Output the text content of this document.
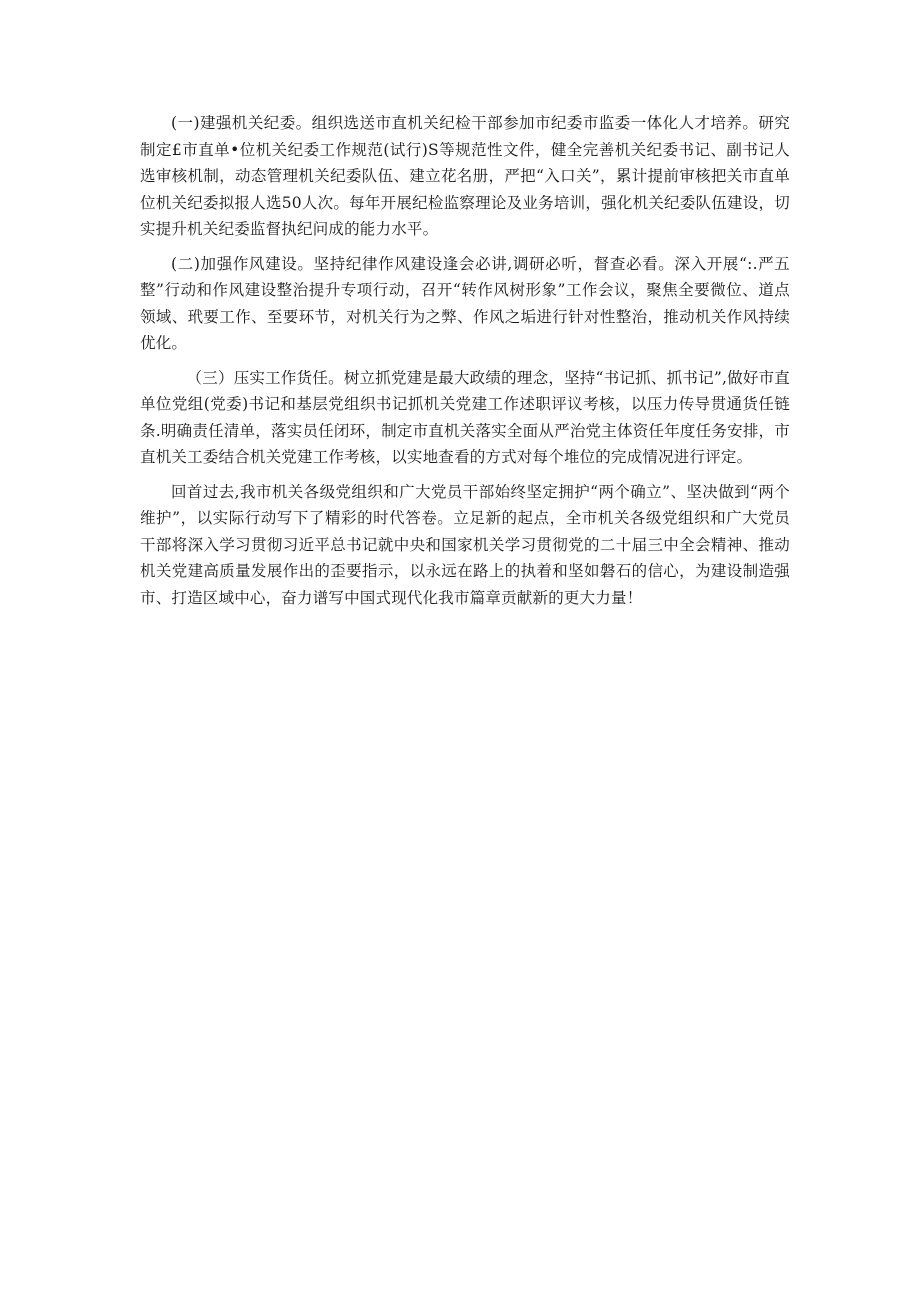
(一)建强机关纪委。组织选送市直机关纪检干部参加市纪委市监委一体化人才培养。研究制定£市直单•位机关纪委工作规范(试行)S等规范性文件，健全完善机关纪委书记、副书记人选审核机制，动态管理机关纪委队伍、建立花名册，严把“入口关”，累计提前审核把关市直单位机关纪委拟报人选50人次。每年开展纪检监察理论及业务培训，强化机关纪委队伍建设，切实提升机关纪委监督执纪问成的能力水平。

(二)加强作风建设。坚持纪律作风建设逢会必讲,调研必听，督查必看。深入开展“:.严五整”行动和作风建设整治提升专项行动，召开“转作风树形象”工作会议，聚焦全要微位、道点领域、玳要工作、至要环节，对机关行为之弊、作风之垢进行针对性整治，推动机关作风持续优化。

（三）压实工作货任。树立抓党建是最大政绩的理念，坚持“书记抓、抓书记”,做好市直单位党组(党委)书记和基层党组织书记抓机关党建工作述职评议考核，以压力传导贯通货任链条.明确责任清单，落实员任闭环，制定市直机关落实全面从严治党主体资任年度任务安排，市直机关工委结合机关党建工作考核，以实地查看的方式对每个堆位的完成情况进行评定。

回首过去,我市机关各级党组织和广大党员干部始终坚定拥护“两个确立”、坚决做到“两个维护”，以实际行动写下了精彩的时代答卷。立足新的起点，全市机关各级党组织和广大党员干部将深入学习贯彻习近平总书记就中央和国家机关学习贯彻党的二十届三中全会精神、推动机关党建高质量发展作出的歪要指示，以永远在路上的执着和坚如磐石的信心，为建设制造强市、打造区域中心，奋力谱写中国式现代化我市篇章贡献新的更大力量！
